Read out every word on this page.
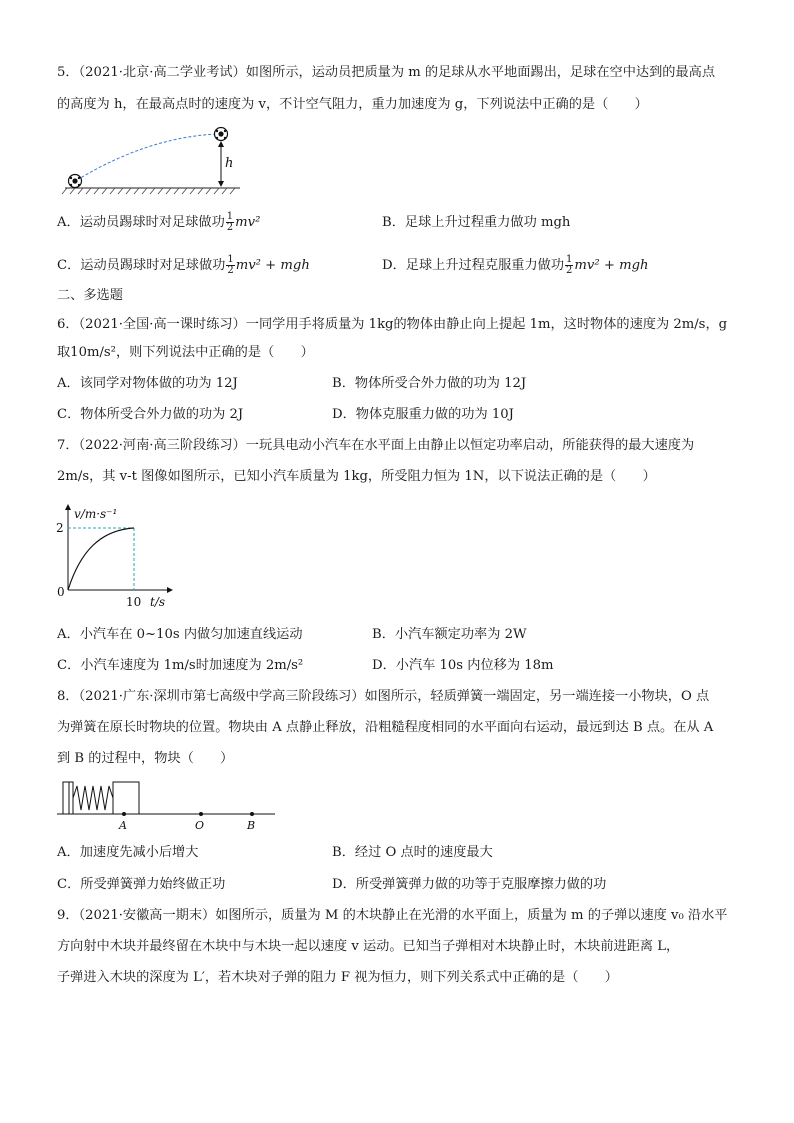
5．（2021·北京·高二学业考试）如图所示，运动员把质量为 m 的足球从水平地面踢出，足球在空中达到的最高点
的高度为 h，在最高点时的速度为 v，不计空气阻力，重力加速度为 g，下列说法中正确的是（　　）
h
A．运动员踢球时对足球做功 $\frac{1}{2} mv^2$	B．足球上升过程重力做功 mgh
C．运动员踢球时对足球做功 $\frac{1}{2} mv^2$ + mgh	D．足球上升过程克服重力做功 $\frac{1}{2} mv^2$ + mgh
二、多选题
6．（2021·全国·高一课时练习）一同学用手将质量为 1kg的物体由静止向上提起 1m，这时物体的速度为 2m/s，g
取10m/s²，则下列说法中正确的是（　　）
A．该同学对物体做的功为 12J	B．物体所受合外力做的功为 12J
C．物体所受合外力做的功为 2J	D．物体克服重力做的功为 10J
7．（2022·河南·高三阶段练习）一玩具电动小汽车在水平面上由静止以恒定功率启动，所能获得的最大速度为
2m/s，其 v-t 图像如图所示，已知小汽车质量为 1kg，所受阻力恒为 1N，以下说法正确的是（　　）
v/m·s⁻¹
2
0
10 t/s
A．小汽车在 0~10s 内做匀加速直线运动	B．小汽车额定功率为 2W
C．小汽车速度为 1m/s时加速度为 2m/s²	D．小汽车 10s 内位移为 18m
8．（2021·广东·深圳市第七高级中学高三阶段练习）如图所示，轻质弹簧一端固定，另一端连接一小物块，O 点
为弹簧在原长时物块的位置。物块由 A 点静止释放，沿粗糙程度相同的水平面向右运动，最远到达 B 点。在从 A
到 B 的过程中，物块（　　）
A	O	B
A．加速度先减小后增大	B．经过 O 点时的速度最大
C．所受弹簧弹力始终做正功	D．所受弹簧弹力做的功等于克服摩擦力做的功
9．（2021·安徽高一期末）如图所示，质量为 M 的木块静止在光滑的水平面上，质量为 m 的子弹以速度 v₀ 沿水平
方向射中木块并最终留在木块中与木块一起以速度 v 运动。已知当子弹相对木块静止时，木块前进距离 L，
子弹进入木块的深度为 L′，若木块对子弹的阻力 F 视为恒力，则下列关系式中正确的是（　　）
